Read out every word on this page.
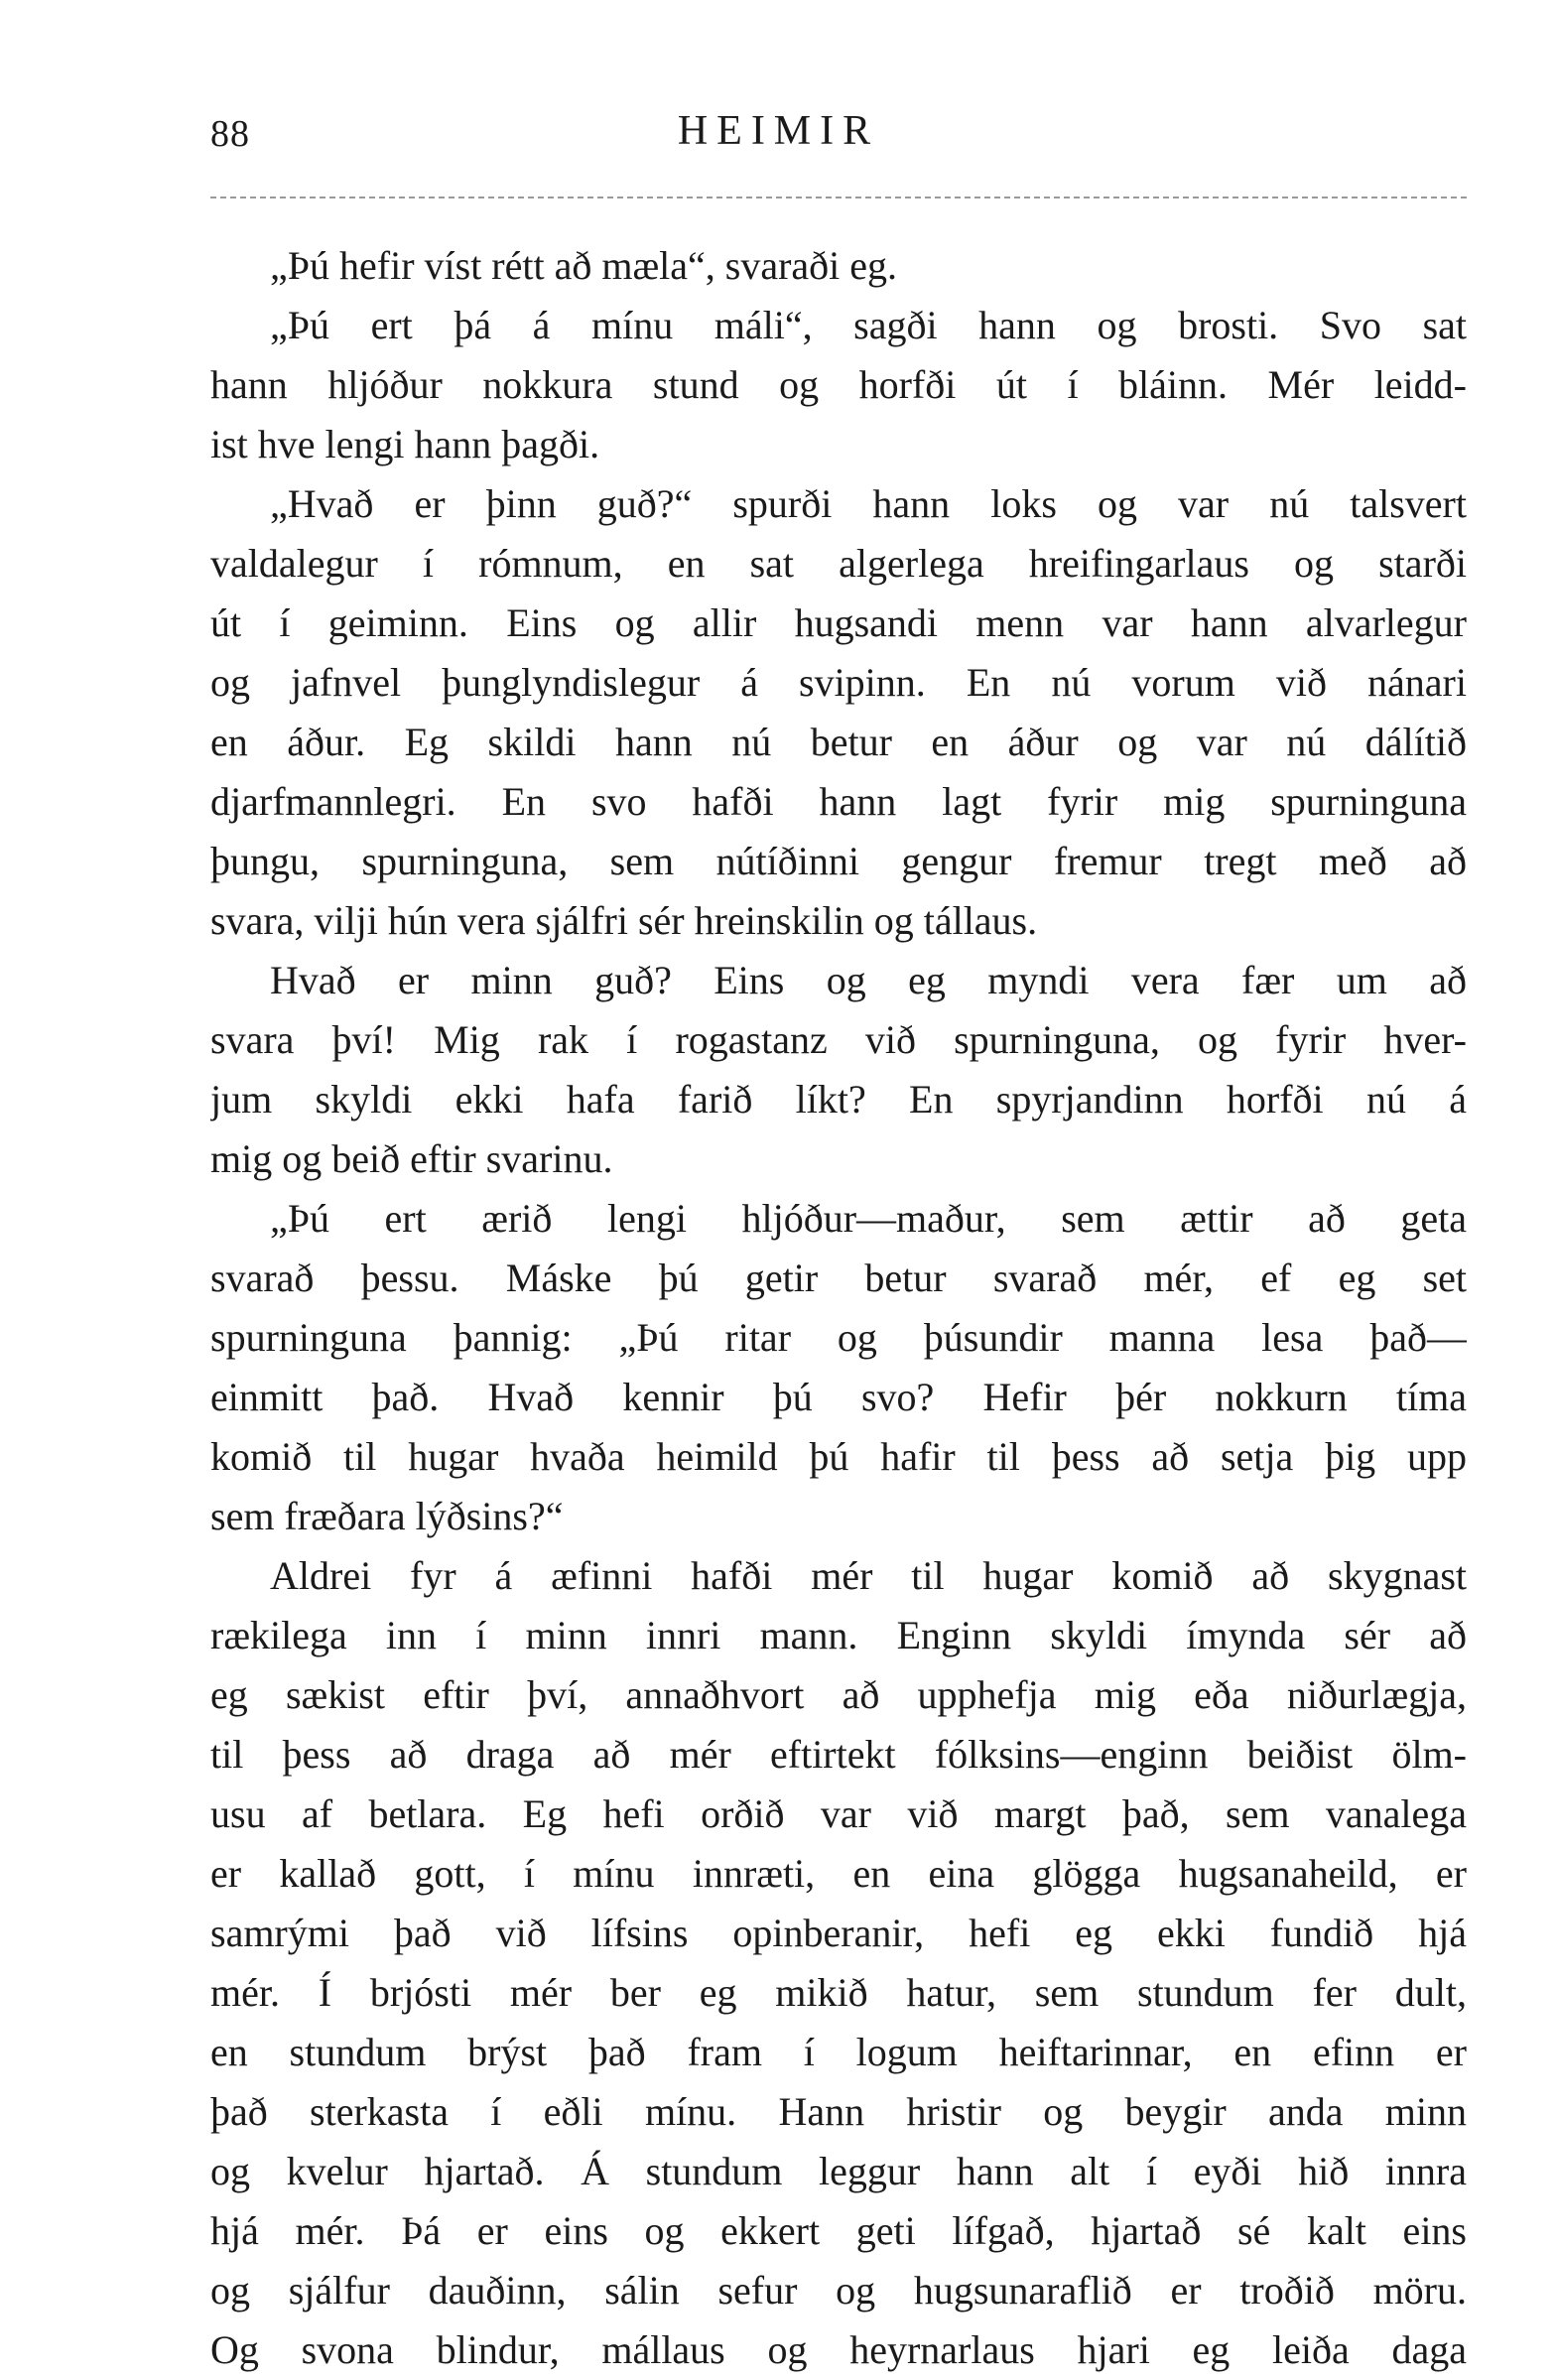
88	HEIMIR
„Þú hefir víst rétt að mæla“, svaraði eg.
„Þú ert þá á mínu máli“, sagði hann og brosti. Svo sat
hann hljóður nokkura stund og horfði út í bláinn. Mér leidd-
ist hve lengi hann þagði.
„Hvað er þinn guð?“ spurði hann loks og var nú talsvert
valdalegur í rómnum, en sat algerlega hreifingarlaus og starði
út í geiminn. Eins og allir hugsandi menn var hann alvarlegur
og jafnvel þunglyndislegur á svipinn. En nú vorum við nánari
en áður. Eg skildi hann nú betur en áður og var nú dálítið
djarfmannlegri. En svo hafði hann lagt fyrir mig spurninguna
þungu, spurninguna, sem nútíðinni gengur fremur tregt með að
svara, vilji hún vera sjálfri sér hreinskilin og tállaus.
Hvað er minn guð? Eins og eg myndi vera fær um að
svara því! Mig rak í rogastanz við spurninguna, og fyrir hver-
jum skyldi ekki hafa farið líkt? En spyrjandinn horfði nú á
mig og beið eftir svarinu.
„Þú ert ærið lengi hljóður—maður, sem ættir að geta
svarað þessu. Máske þú getir betur svarað mér, ef eg set
spurninguna þannig: „Þú ritar og þúsundir manna lesa það—
einmitt það. Hvað kennir þú svo? Hefir þér nokkurn tíma
komið til hugar hvaða heimild þú hafir til þess að setja þig upp
sem fræðara lýðsins?“
Aldrei fyr á æfinni hafði mér til hugar komið að skygnast
rækilega inn í minn innri mann. Enginn skyldi ímynda sér að
eg sækist eftir því, annaðhvort að upphefja mig eða niðurlægja,
til þess að draga að mér eftirtekt fólksins—enginn beiðist ölm-
usu af betlara. Eg hefi orðið var við margt það, sem vanalega
er kallað gott, í mínu innræti, en eina glögga hugsanaheild, er
samrými það við lífsins opinberanir, hefi eg ekki fundið hjá
mér. Í brjósti mér ber eg mikið hatur, sem stundum fer dult,
en stundum brýst það fram í logum heiftarinnar, en efinn er
það sterkasta í eðli mínu. Hann hristir og beygir anda minn
og kvelur hjartað. Á stundum leggur hann alt í eyði hið innra
hjá mér. Þá er eins og ekkert geti lífgað, hjartað sé kalt eins
og sjálfur dauðinn, sálin sefur og hugsunaraflið er troðið möru.
Og svona blindur, mállaus og heyrnarlaus hjari eg leiða daga
